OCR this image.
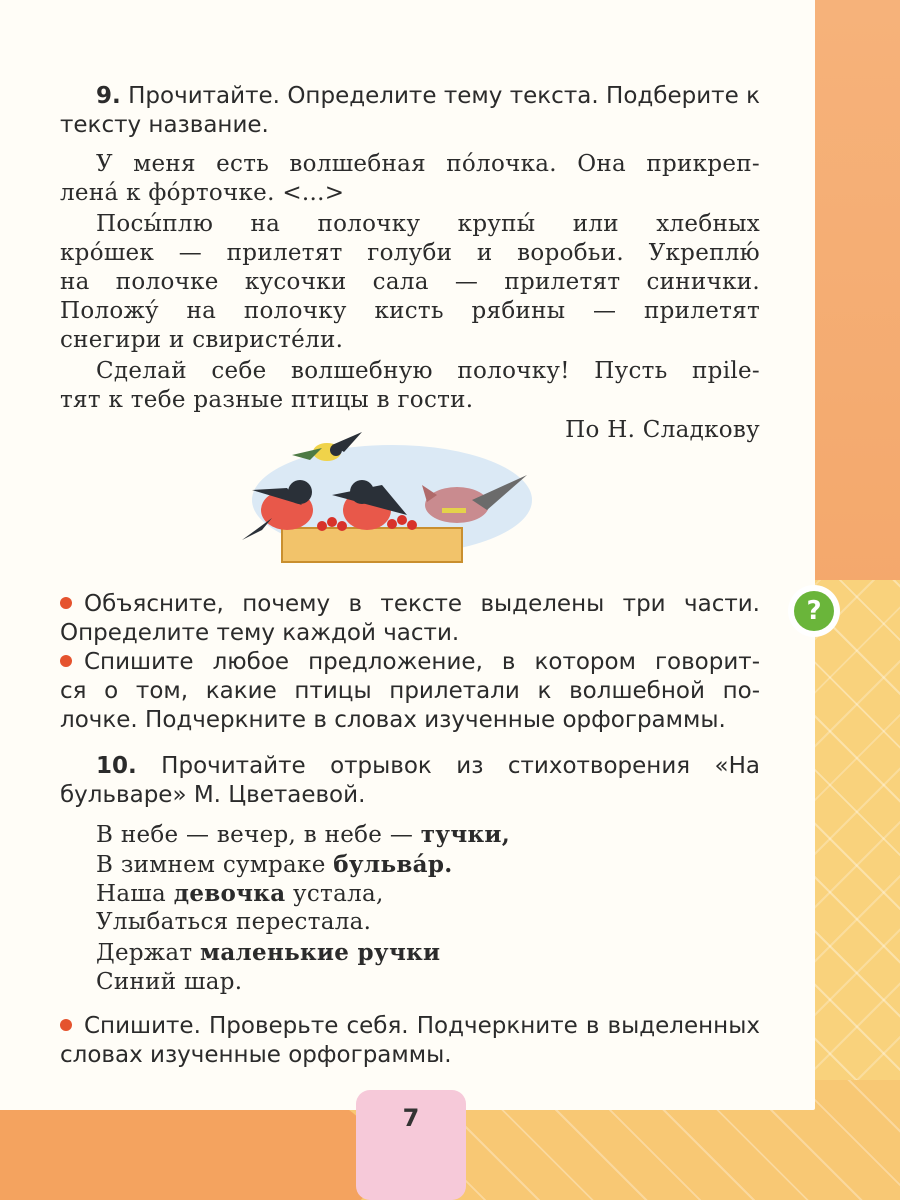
9. Прочитайте. Определите тему текста. Подберите к
тексту название.
У меня есть волшебная по́лочка. Она прикреп-
лена́ к фо́рточке. <...>
Посы́плю на полочку крупы́ или хлебных
кро́шек — прилетят голуби и воробьи. Укреплю́
на полочке кусочки сала — прилетят синички.
Положу́ на полочку кисть рябины — прилетят
снегири и свиристе́ли.
Сделай себе волшебную полочку! Пусть прile-
тят к тебе разные птицы в гости.
По Н. Сладкову
Объясните, почему в тексте выделены три части.
Определите тему каждой части.
Спишите любое предложение, в котором говорит-
ся о том, какие птицы прилетали к волшебной по-
лочке. Подчеркните в словах изученные орфограммы.
10. Прочитайте отрывок из стихотворения «На
бульваре» М. Цветаевой.
В небе — вечер, в небе — тучки,
В зимнем сумраке бульва́р.
Наша девочка устала,
Улыбаться перестала.
Держат маленькие ручки
Синий шар.
Спишите. Проверьте себя. Подчеркните в выделенных
словах изученные орфограммы.
?
7
